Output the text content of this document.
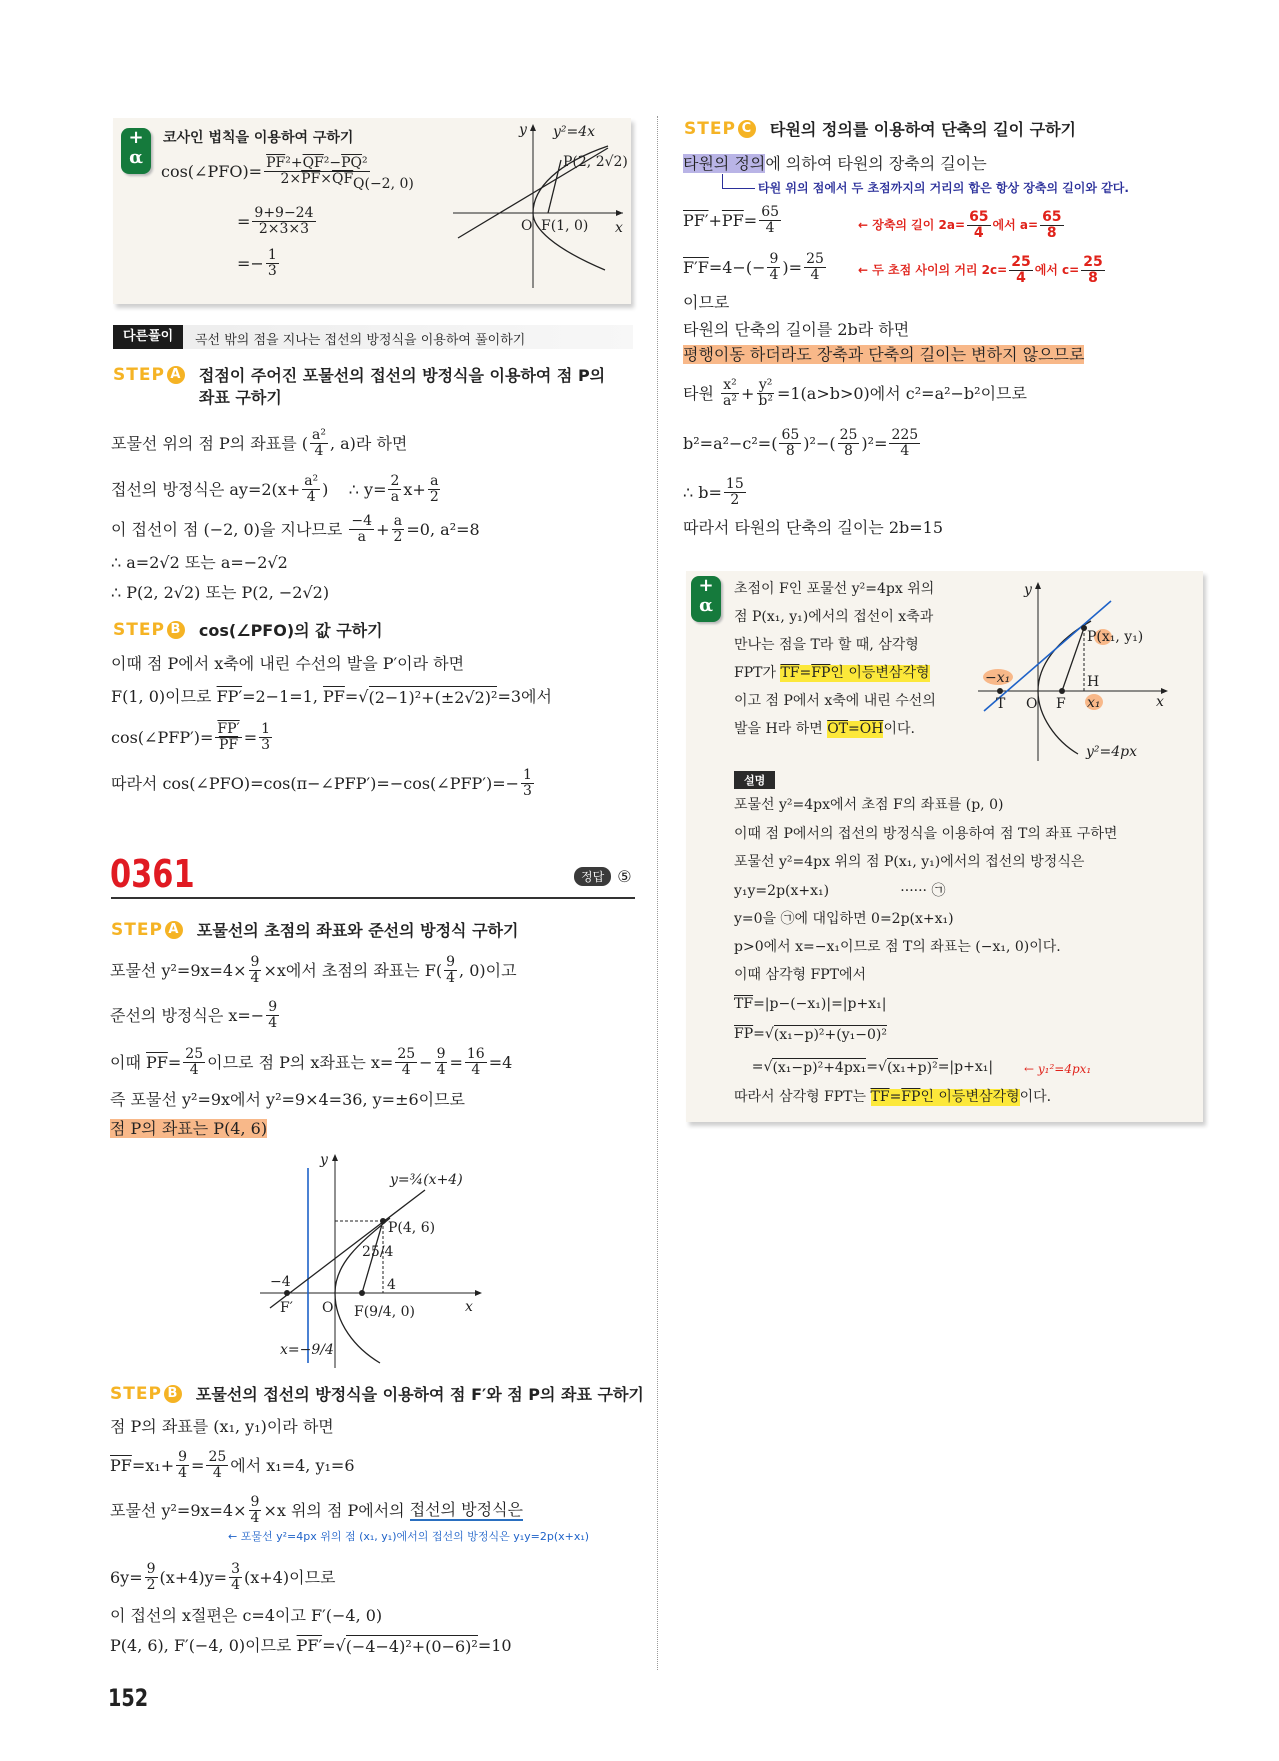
+
α
코사인 법칙을 이용하여 구하기
cos(∠PFO)= $\frac{\overline{PF}^2+\overline{QF}^2-\overline{PQ}^2}{2\times\overline{PF}\times\overline{QF}}$
= $\frac{9+9-24}{2\times 3\times 3}$
=− $\frac{1}{3}$
y
x
y²=4x
P(2, 2√2)
Q(−2, 0)
O F(1, 0)
다른풀이	곡선 밖의 점을 지나는 접선의 방정식을 이용하여 풀이하기
STEP A 접점이 주어진 포물선의 접선의 방정식을 이용하여 점 P의 좌표 구하기
포물선 위의 점 P의 좌표를 ( $\frac{\text{a²}}{4}$ , a)라 하면
접선의 방정식은 $ay=2(x+ \frac{\text{a²}}{4}$ )    ∴ $y= \frac{2}{a} x+ \frac{a}{2}$
이 접선이 점 (−2, 0)을 지나므로 $\frac{-4}{a} + \frac{a}{2} =0$, a²=8
∴ a=2√2 또는 a=−2√2
∴ P(2, 2√2) 또는 P(2, −2√2)
STEP B cos(∠PFO)의 값 구하기
이때 점 P에서 x축에 내린 수선의 발을 P′이라 하면
F(1, 0)이므로 FP′ =2−1=1, $\overline{PF}$ =√ (2−1)²+(±2√2)² =3에서
cos(∠PFP′)= $\frac{FP'}{PF} = \frac{1}{3}$
따라서 cos(∠PFO)=cos(π−∠PFP′)=−cos(∠PFP′)=− $\frac{1}{3}$
0361	정답 ⑤
STEP A 포물선의 초점의 좌표와 준선의 방정식 구하기
포물선 $y^2=9x=4\times \frac{9}{4} \times x$에서 초점의 좌표는 $F( \frac{9}{4}$ , 0)이고
준선의 방정식은 $x=- \frac{9}{4}$
이때 $\overline{PF} = \frac{25}{4}$ 이므로 점 P의 x좌표는 $x= \frac{25}{4} - \frac{9}{4} = \frac{16}{4} =4$
즉 포물선 y²=9x에서 y²=9×4=36, y=±6이므로
점 P의 좌표는 P(4, 6)
y
x
y=¾(x+4)
P(4, 6)
25/4
−4	4
F′ O F(9/4, 0)
x=−9/4
STEP B 포물선의 접선의 방정식을 이용하여 점 F′와 점 P의 좌표 구하기
점 P의 좌표를 (x₁, y₁)이라 하면
$\overline{PF} =x_1+ \frac{9}{4} = \frac{25}{4}$ 에서 x₁=4, y₁=6
포물선 $y^2=9x=4\times \frac{9}{4} \times x$ 위의 점 P에서의 접선의 방정식은
← 포물선 y²=4px 위의 점 (x₁, y₁)에서의 접선의 방정식은 y₁y=2p(x+x₁)
$6y= \frac{9}{2} (x+4)y= \frac{3}{4} (x+4)$이므로
이 접선의 x절편은 c=4이고 F′(−4, 0)
P(4, 6), F′(−4, 0)이므로 PF′ =√ (−4−4)²+(0−6)² =10
152
STEP C 타원의 정의를 이용하여 단축의 길이 구하기
타원의 정의 에 의하여 타원의 장축의 길이는
타원 위의 점에서 두 초점까지의 거리의 합은 항상 장축의 길이와 같다.
$PF' + \overline{PF} = \frac{65}{4}$	← 장축의 길이 $2a= \frac{65}{4}$ 에서 $a= \frac{65}{8}$
$F'F =4-(- \frac{9}{4}$ )= $\frac{25}{4}$	← 두 초점 사이의 거리 $2c= \frac{25}{4}$ 에서 $c= \frac{25}{8}$
이므로
타원의 단축의 길이를 2b라 하면
평행이동 하더라도 장축과 단축의 길이는 변하지 않으므로
타원 $\frac{\text{x²}}{\text{a²}} + \frac{\text{y²}}{\text{b²}} =1(a>b>0)$에서 c²=a²−b²이므로
$b^2=a^2-c^2=( \frac{65}{8} )^2-( \frac{25}{8} )^2= \frac{225}{4}$
∴ $b= \frac{15}{2}$
따라서 타원의 단축의 길이는 2b=15
+
α
초점이 F인 포물선 y²=4px 위의
점 P(x₁, y₁)에서의 접선이 x축과
만나는 점을 T라 할 때, 삼각형
FPT가 $\overline{TF} = \overline{FP}$ 인 이등변삼각형
이고 점 P에서 x축에 내린 수선의
발을 H라 하면 $\overline{OT} = \overline{OH}$ 이다.
y
x
P(x₁, y₁)
−x₁
T O F x₁
H
y²=4px
설명
포물선 y²=4px에서 초점 F의 좌표를 (p, 0)
이때 점 P에서의 접선의 방정식을 이용하여 점 T의 좌표 구하면
포물선 y²=4px 위의 점 P(x₁, y₁)에서의 접선의 방정식은
y₁y=2p(x+x₁)                ······ ㉠
y=0을 ㉠에 대입하면 0=2p(x+x₁)
p>0에서 x=−x₁이므로 점 T의 좌표는 (−x₁, 0)이다.
이때 삼각형 FPT에서
$\overline{TF} =|p-(-x_1)|=|p+x_1|$
$\overline{FP}$ =√ (x₁−p)²+(y₁−0)²
=√ (x₁−p)²+4px₁ =√ (x₁+p)² =|p+x₁|	← y₁²=4px₁
따라서 삼각형 FPT는 $\overline{TF} = \overline{FP}$ 인 이등변삼각형 이다.
